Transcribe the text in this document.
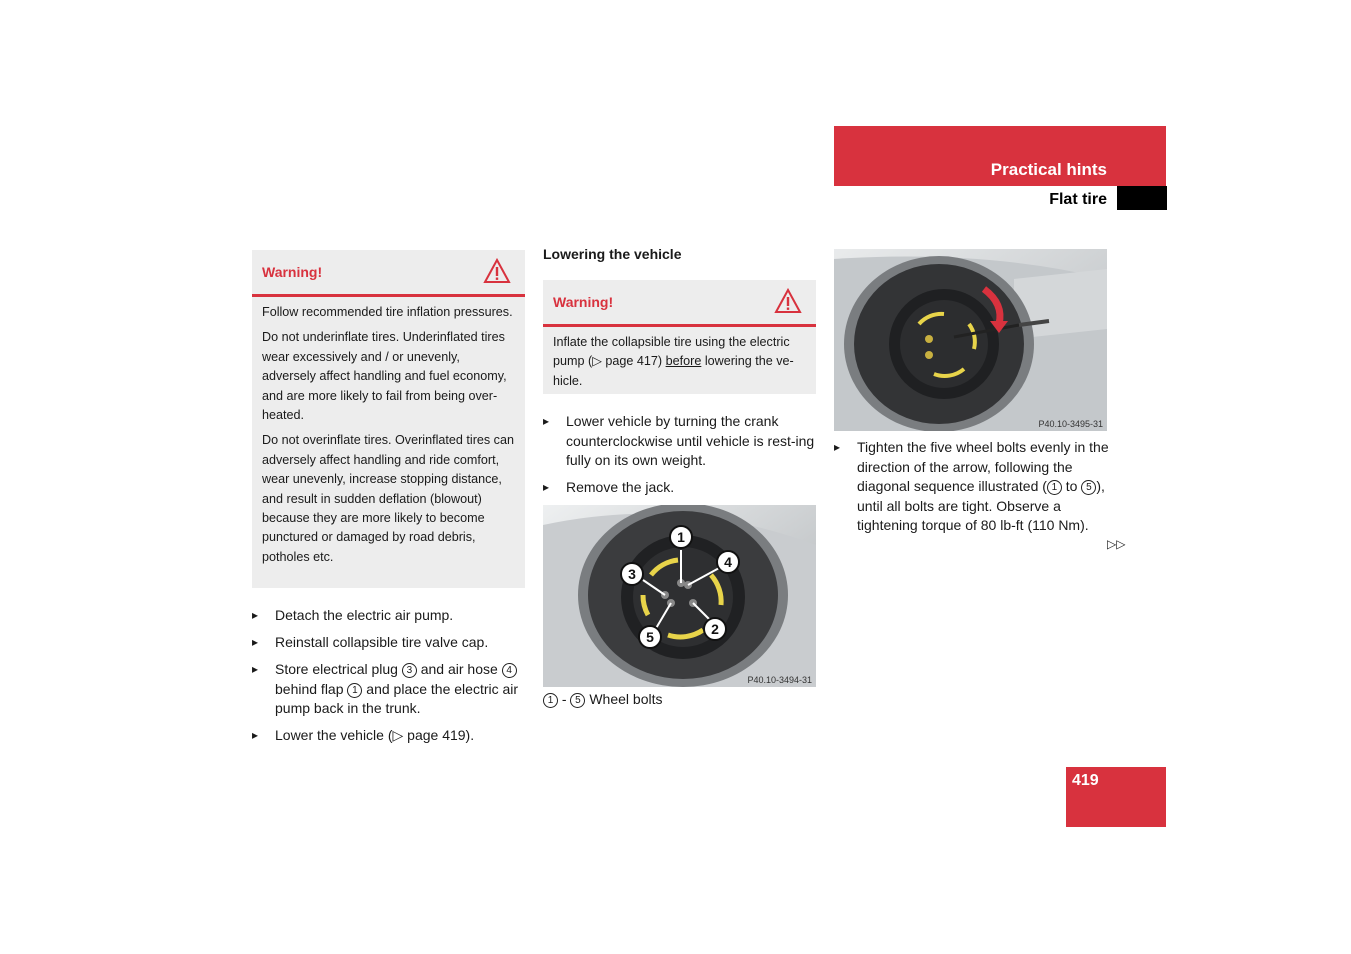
Practical hints
Flat tire
Warning!

Follow recommended tire inflation pressures.

Do not underinflate tires. Underinflated tires wear excessively and / or unevenly, adversely affect handling and fuel economy, and are more likely to fail from being over-heated.

Do not overinflate tires. Overinflated tires can adversely affect handling and ride comfort, wear unevenly, increase stopping distance, and result in sudden deflation (blowout) because they are more likely to become punctured or damaged by road debris, potholes etc.

▸ Detach the electric air pump.
▸ Reinstall collapsible tire valve cap.
▸ Store electrical plug 3 and air hose 4 behind flap 1 and place the electric air pump back in the trunk.
▸ Lower the vehicle (▷ page 419).
Lowering the vehicle
Warning!
Inflate the collapsible tire using the electric pump (▷ page 417) before lowering the ve-hicle.
▸ Lower vehicle by turning the crank counterclockwise until vehicle is rest-ing fully on its own weight.
▸ Remove the jack.
1
2
3
4
5
P40.10-3494-31
1 - 5 Wheel bolts
P40.10-3495-31
▸ Tighten the five wheel bolts evenly in the direction of the arrow, following the diagonal sequence illustrated ( 1 to 5 ), until all bolts are tight. Observe a tightening torque of 80 lb-ft (110 Nm).
▷▷
419
